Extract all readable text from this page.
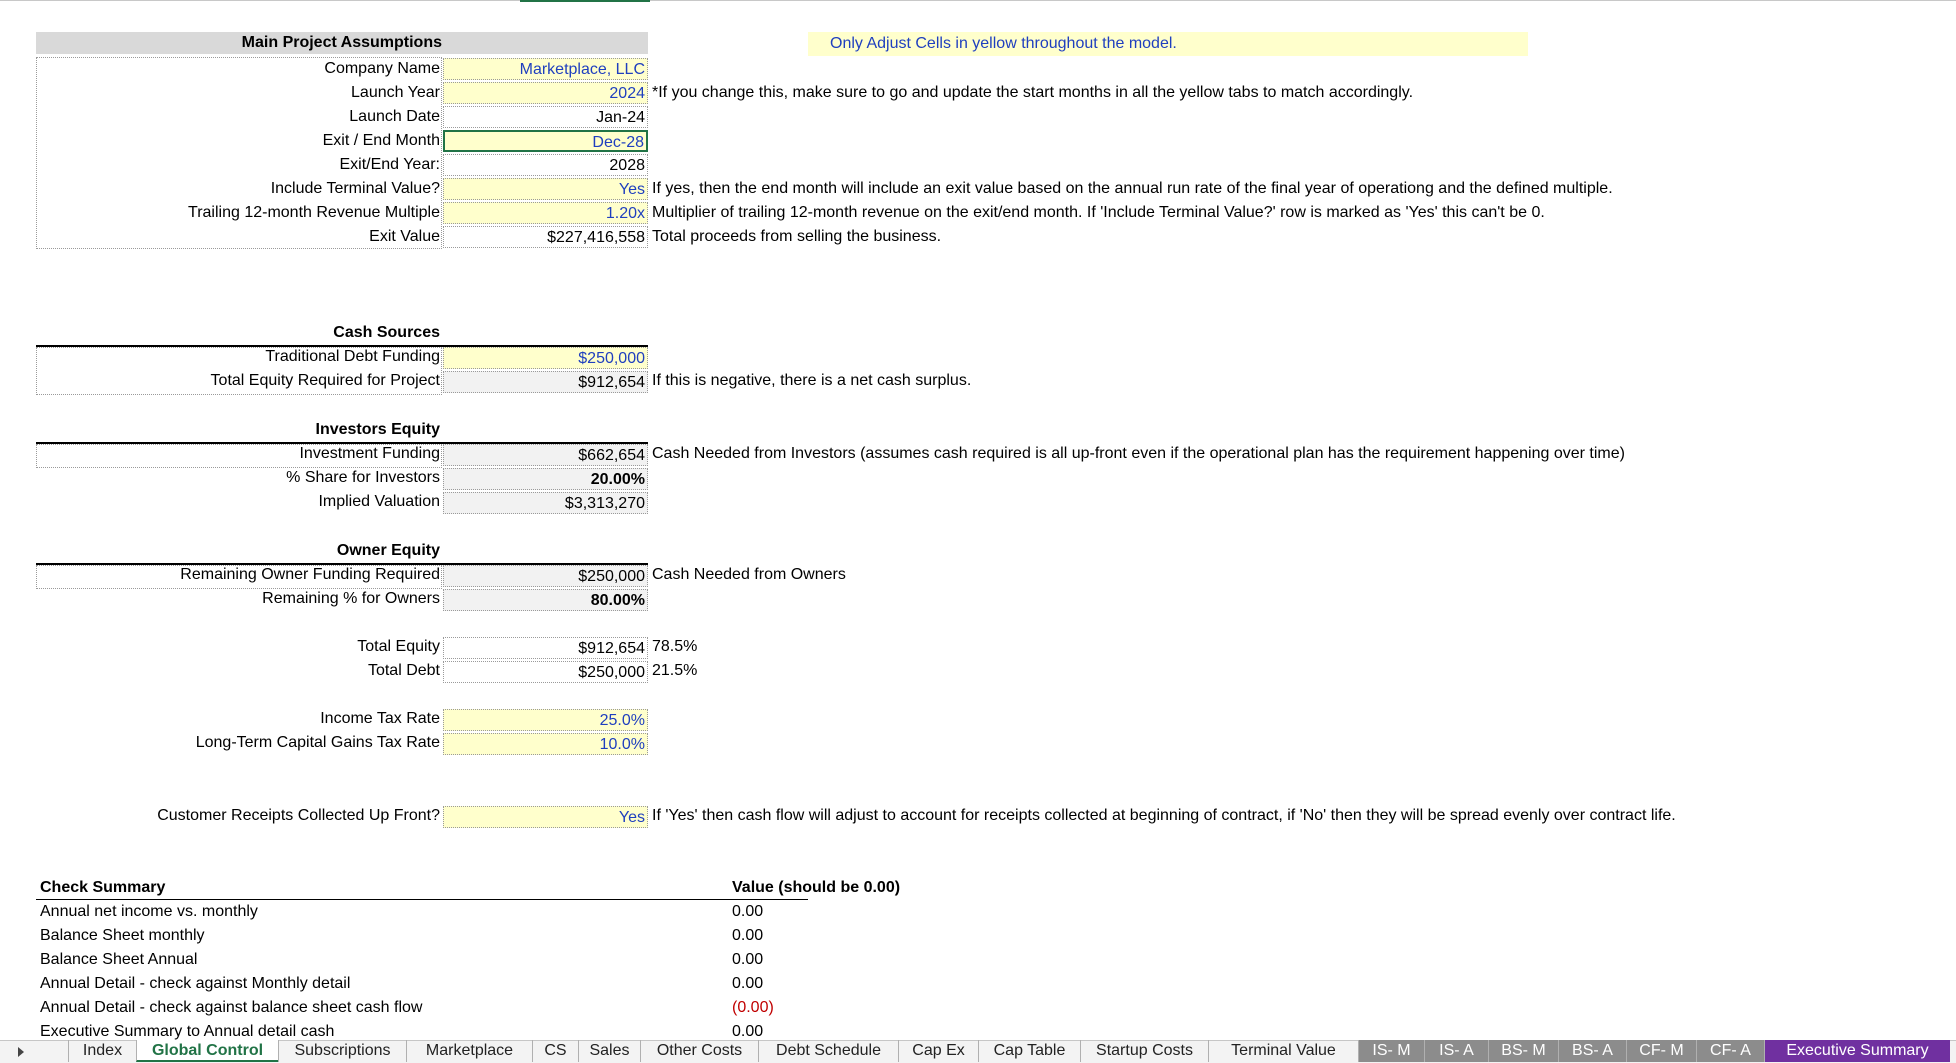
Only Adjust Cells in yellow throughout the model.
Main Project Assumptions
Company Name	Marketplace, LLC
Launch Year	2024 *If you change this, make sure to go and update the start months in all the yellow tabs to match accordingly.
Launch Date	Jan-24
Exit / End Month	Dec-28
Exit/End Year:	2028
Include Terminal Value?	Yes If yes, then the end month will include an exit value based on the annual run rate of the final year of operationg and the defined multiple.
Trailing 12-month Revenue Multiple	1.20x Multiplier of trailing 12-month revenue on the exit/end month. If 'Include Terminal Value?' row is marked as 'Yes' this can't be 0.
Exit Value	$227,416,558 Total proceeds from selling the business.
Cash Sources
Traditional Debt Funding	$250,000
Total Equity Required for Project	$912,654 If this is negative, there is a net cash surplus.
Investors Equity
Investment Funding	$662,654 Cash Needed from Investors (assumes cash required is all up-front even if the operational plan has the requirement happening over time)
% Share for Investors	20.00%
Implied Valuation	$3,313,270
Owner Equity
Remaining Owner Funding Required	$250,000 Cash Needed from Owners
Remaining % for Owners	80.00%
Total Equity	$912,654 78.5%
Total Debt	$250,000 21.5%
Income Tax Rate	25.0%
Long-Term Capital Gains Tax Rate	10.0%
Customer Receipts Collected Up Front?	Yes If 'Yes' then cash flow will adjust to account for receipts collected at beginning of contract, if 'No' then they will be spread evenly over contract life.
Check Summary	Value (should be 0.00)
Annual net income vs. monthly	0.00
Balance Sheet monthly	0.00
Balance Sheet Annual	0.00
Annual Detail - check against Monthly detail	0.00
Annual Detail - check against balance sheet cash flow	(0.00)
Executive Summary to Annual detail cash	0.00
Index	Global Control	Subscriptions	Marketplace	CS	Sales	Other Costs	Debt Schedule	Cap Ex	Cap Table	Startup Costs	Terminal Value	IS- M	IS- A	BS- M	BS- A	CF- M	CF- A	Executive Summary
